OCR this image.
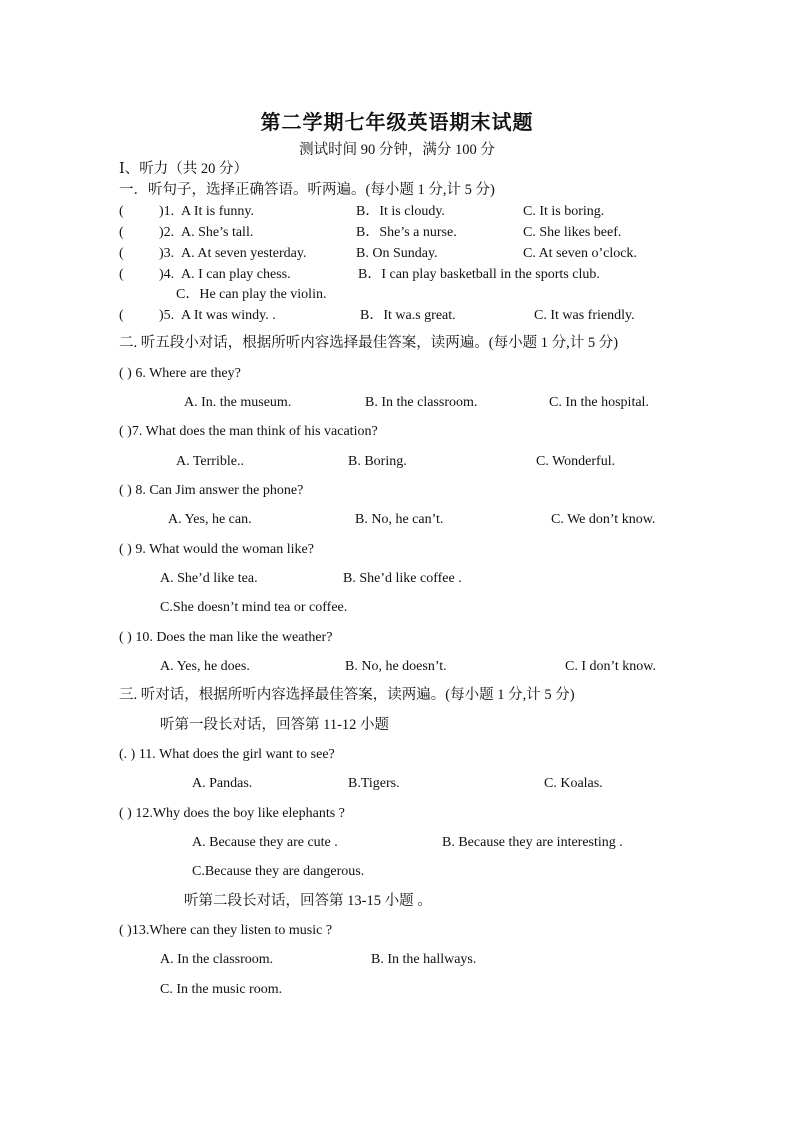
第二学期七年级英语期末试题
测试时间 90 分钟，满分 100 分
Ⅰ、听力（共 20 分）
一．听句子，选择正确答语。听两遍。(每小题 1 分,计 5 分)
(	)1. A It is funny.	B．It is cloudy.	C. It is boring.
(	)2. A. She’s tall.	B．She’s a nurse.	C. She likes beef.
(	)3. A. At seven yesterday.	B. On Sunday.	C. At seven o’clock.
(	)4. A. I can play chess.	B．I can play basketball in the sports club.
C．He can play the violin.
(	)5. A It was windy. .	B．It wa.s great.	C. It was friendly.
二. 听五段小对话，根据所听内容选择最佳答案，读两遍。(每小题 1 分,计 5 分)
( ) 6. Where are they?
A. In. the museum.	B. In the classroom.	C. In the hospital.
( )7. What does the man think of his vacation?
A. Terrible..	B. Boring.	C. Wonderful.
( ) 8. Can Jim answer the phone?
A. Yes, he can.	B. No, he can’t.	C. We don’t know.
( ) 9. What would the woman like?
A. She’d like tea.	B. She’d like coffee .
C.She doesn’t mind tea or coffee.
( ) 10. Does the man like the weather?
A. Yes, he does.	B. No, he doesn’t.	C. I don’t know.
三. 听对话，根据所听内容选择最佳答案，读两遍。(每小题 1 分,计 5 分)
听第一段长对话，回答第 11-12 小题
(. ) 11. What does the girl want to see?
A. Pandas.	B.Tigers.	C. Koalas.
( ) 12.Why does the boy like elephants ?
A. Because they are cute .	B. Because they are interesting .
C.Because they are dangerous.
听第二段长对话，回答第 13-15 小题 。
( )13.Where can they listen to music ?
A. In the classroom.	B. In the hallways.
C. In the music room.
